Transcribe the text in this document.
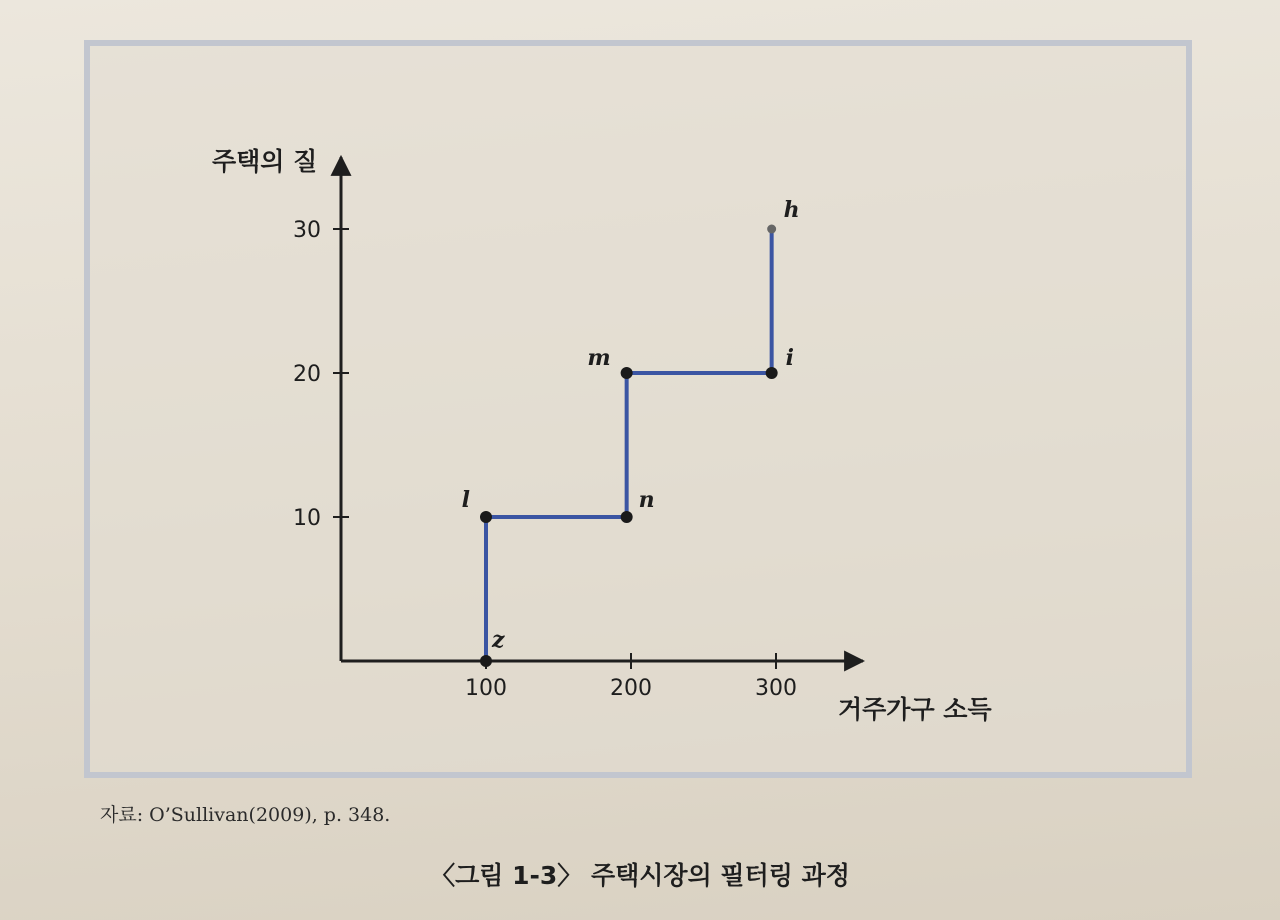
100	200	300
10
20
30
z
l	n
m	i
h
주택의 질
거주가구 소득
자료: O’Sullivan(2009), p. 348.
〈그림 1-3〉 주택시장의 필터링 과정
